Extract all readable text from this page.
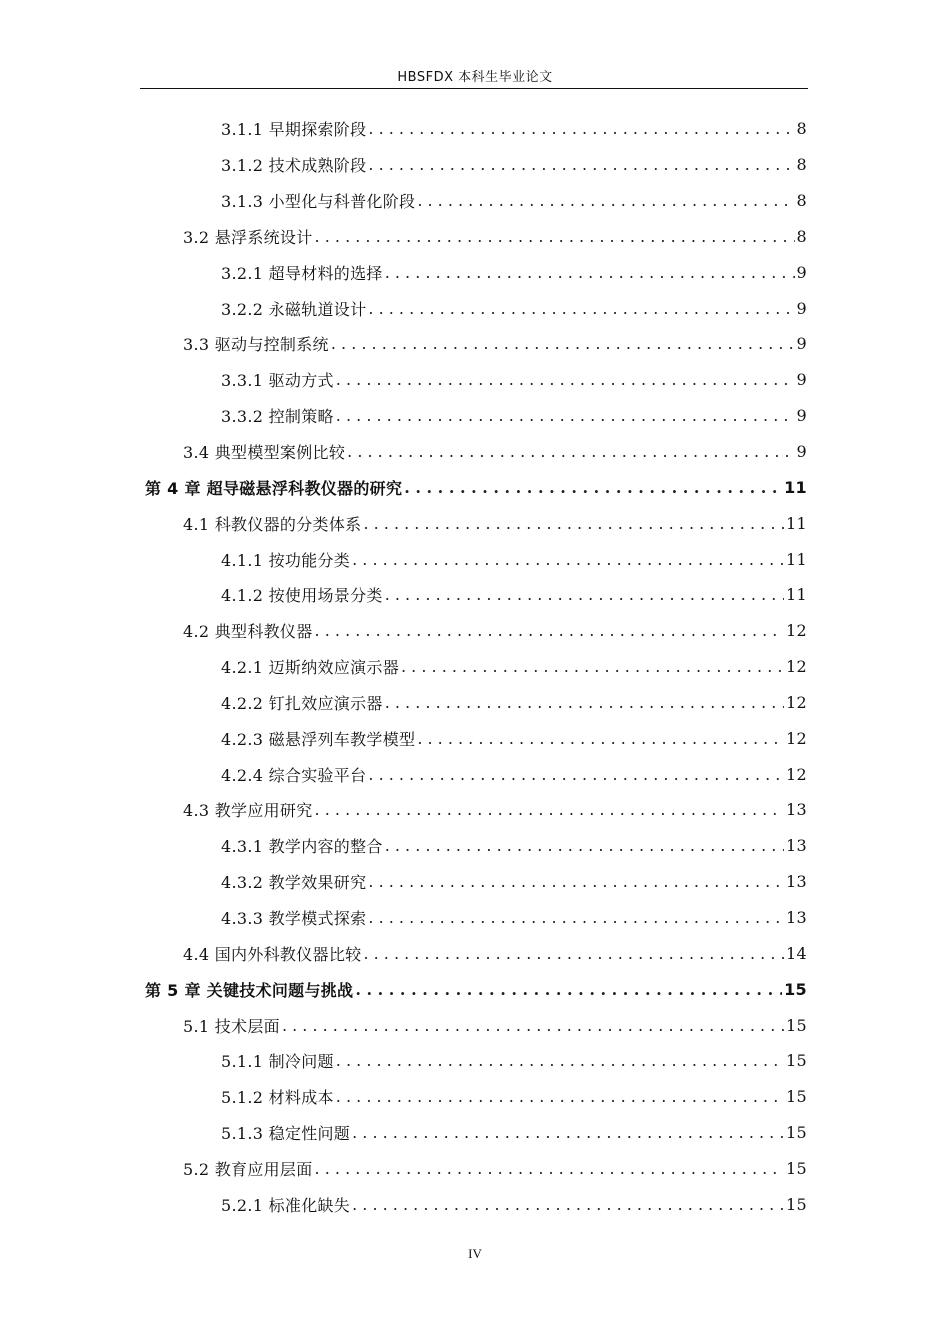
HBSFDX 本科生毕业论文
3.1.1 早期探索阶段 . . .	8
3.1.2 技术成熟阶段 . . .	8
3.1.3 小型化与科普化阶段 . . .	8
3.2 悬浮系统设计 . . .	8
3.2.1 超导材料的选择 . . .	9
3.2.2 永磁轨道设计 . . .	9
3.3 驱动与控制系统 . . .	9
3.3.1 驱动方式 . . .	9
3.3.2 控制策略 . . .	9
3.4 典型模型案例比较 . . .	9
第 4 章 超导磁悬浮科教仪器的研究 . . .	11
4.1 科教仪器的分类体系 . . .	11
4.1.1 按功能分类 . . .	11
4.1.2 按使用场景分类 . . .	11
4.2 典型科教仪器 . . .	12
4.2.1 迈斯纳效应演示器 . . .	12
4.2.2 钉扎效应演示器 . . .	12
4.2.3 磁悬浮列车教学模型 . . .	12
4.2.4 综合实验平台 . . .	12
4.3 教学应用研究 . . .	13
4.3.1 教学内容的整合 . . .	13
4.3.2 教学效果研究 . . .	13
4.3.3 教学模式探索 . . .	13
4.4 国内外科教仪器比较 . . .	14
第 5 章 关键技术问题与挑战 . . .	15
5.1 技术层面 . . .	15
5.1.1 制冷问题 . . .	15
5.1.2 材料成本 . . .	15
5.1.3 稳定性问题 . . .	15
5.2 教育应用层面 . . .	15
5.2.1 标准化缺失 . . .	15
IV
